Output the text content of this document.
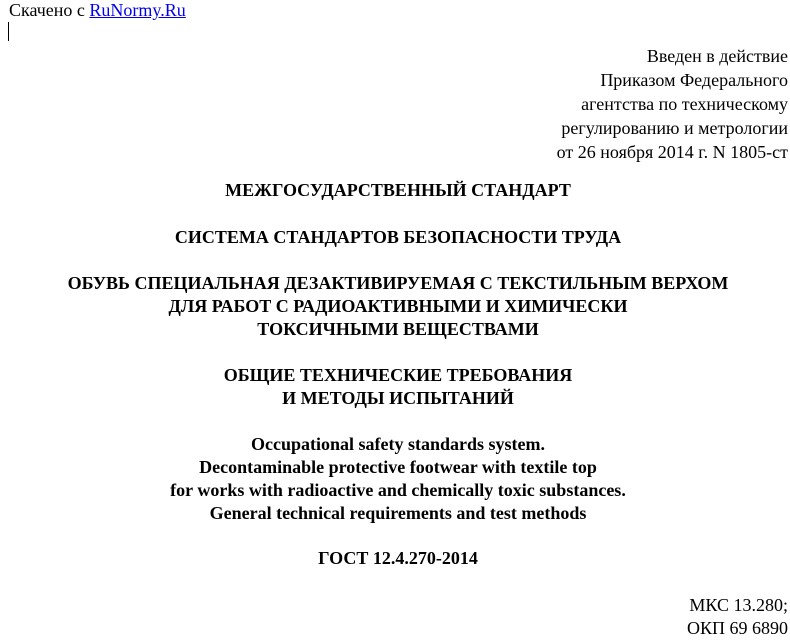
Скачено с RuNormy.Ru
Введен в действие
Приказом Федерального
агентства по техническому
регулированию и метрологии
от 26 ноября 2014 г. N 1805-ст
МЕЖГОСУДАРСТВЕННЫЙ СТАНДАРТ
СИСТЕМА СТАНДАРТОВ БЕЗОПАСНОСТИ ТРУДА
ОБУВЬ СПЕЦИАЛЬНАЯ ДЕЗАКТИВИРУЕМАЯ С ТЕКСТИЛЬНЫМ ВЕРХОМ
ДЛЯ РАБОТ С РАДИОАКТИВНЫМИ И ХИМИЧЕСКИ
ТОКСИЧНЫМИ ВЕЩЕСТВАМИ
ОБЩИЕ ТЕХНИЧЕСКИЕ ТРЕБОВАНИЯ
И МЕТОДЫ ИСПЫТАНИЙ
Occupational safety standards system.
Decontaminable protective footwear with textile top
for works with radioactive and chemically toxic substances.
General technical requirements and test methods
ГОСТ 12.4.270-2014
МКС 13.280;
ОКП 69 6890
